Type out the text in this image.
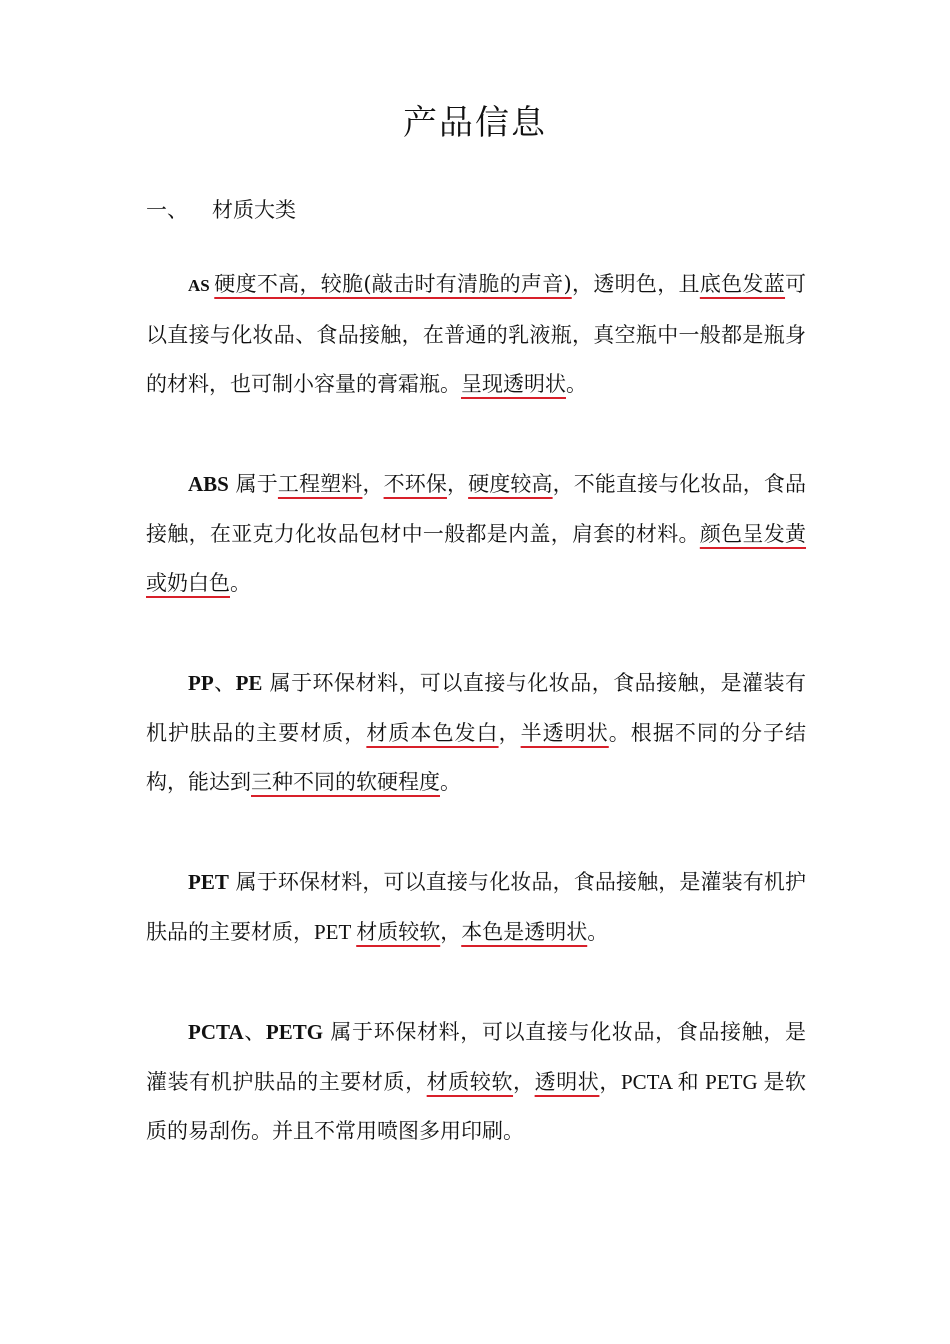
产品信息
一、 材质大类
AS 硬度不高，较脆(敲击时有清脆的声音)，透明色，且底色发蓝可以直接与化妆品、食品接触，在普通的乳液瓶，真空瓶中一般都是瓶身的材料，也可制小容量的膏霜瓶。呈现透明状。
ABS 属于工程塑料，不环保，硬度较高，不能直接与化妆品，食品接触，在亚克力化妆品包材中一般都是内盖，肩套的材料。颜色呈发黄或奶白色。
PP、PE 属于环保材料，可以直接与化妆品，食品接触，是灌装有机护肤品的主要材质，材质本色发白，半透明状。根据不同的分子结构，能达到三种不同的软硬程度。
PET 属于环保材料，可以直接与化妆品，食品接触，是灌装有机护肤品的主要材质，PET 材质较软，本色是透明状。
PCTA、PETG 属于环保材料，可以直接与化妆品，食品接触，是灌装有机护肤品的主要材质，材质较软，透明状，PCTA 和 PETG 是软质的易刮伤。并且不常用喷图多用印刷。
